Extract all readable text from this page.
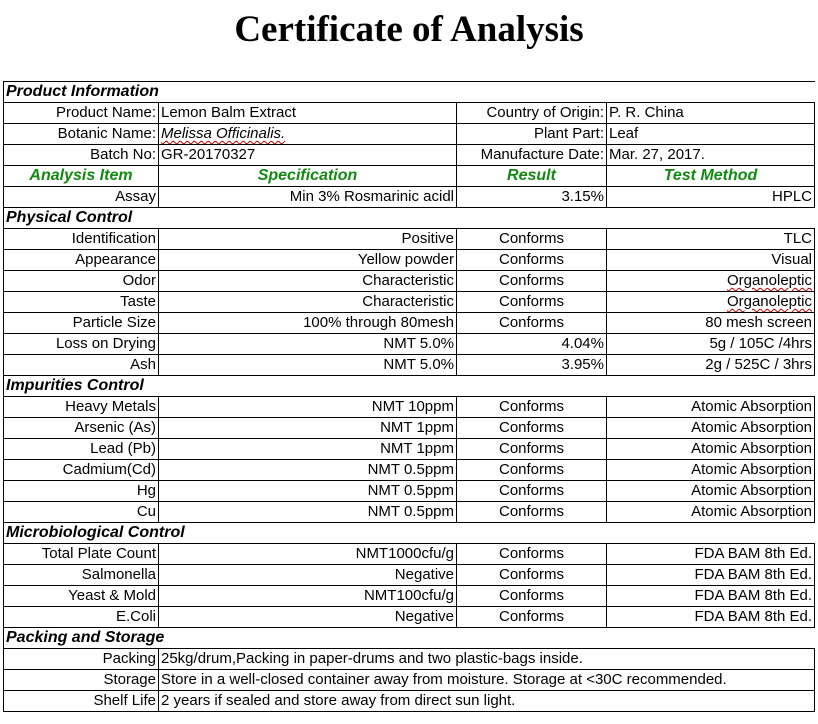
Certificate of Analysis
Product Information			
Product Name:	Lemon Balm Extract	Country of Origin:	P. R. China
Botanic Name:	Melissa Officinalis.	Plant Part:	Leaf
Batch No:	GR-20170327	Manufacture Date:	Mar. 27, 2017.
Analysis Item	Specification	Result	Test Method
Assay	Min 3% Rosmarinic acidl	3.15%	HPLC
Physical Control			
Identification	Positive	Conforms	TLC
Appearance	Yellow powder	Conforms	Visual
Odor	Characteristic	Conforms	Organoleptic
Taste	Characteristic	Conforms	Organoleptic
Particle Size	100% through 80mesh	Conforms	80 mesh screen
Loss on Drying	NMT 5.0%	4.04%	5g / 105C /4hrs
Ash	NMT 5.0%	3.95%	2g / 525C / 3hrs
Impurities Control			
Heavy Metals	NMT 10ppm	Conforms	Atomic Absorption
Arsenic (As)	NMT 1ppm	Conforms	Atomic Absorption
Lead (Pb)	NMT 1ppm	Conforms	Atomic Absorption
Cadmium(Cd)	NMT 0.5ppm	Conforms	Atomic Absorption
Hg	NMT 0.5ppm	Conforms	Atomic Absorption
Cu	NMT 0.5ppm	Conforms	Atomic Absorption
Microbiological Control			
Total Plate Count	NMT1000cfu/g	Conforms	FDA BAM 8th Ed.
Salmonella	Negative	Conforms	FDA BAM 8th Ed.
Yeast & Mold	NMT100cfu/g	Conforms	FDA BAM 8th Ed.
E.Coli	Negative	Conforms	FDA BAM 8th Ed.
Packing and Storage			
Packing	25kg/drum,Packing in paper-drums and two plastic-bags inside.		
Storage	Store in a well-closed container away from moisture. Storage at <30C recommended.		
Shelf Life	2 years if sealed and store away from direct sun light.		
